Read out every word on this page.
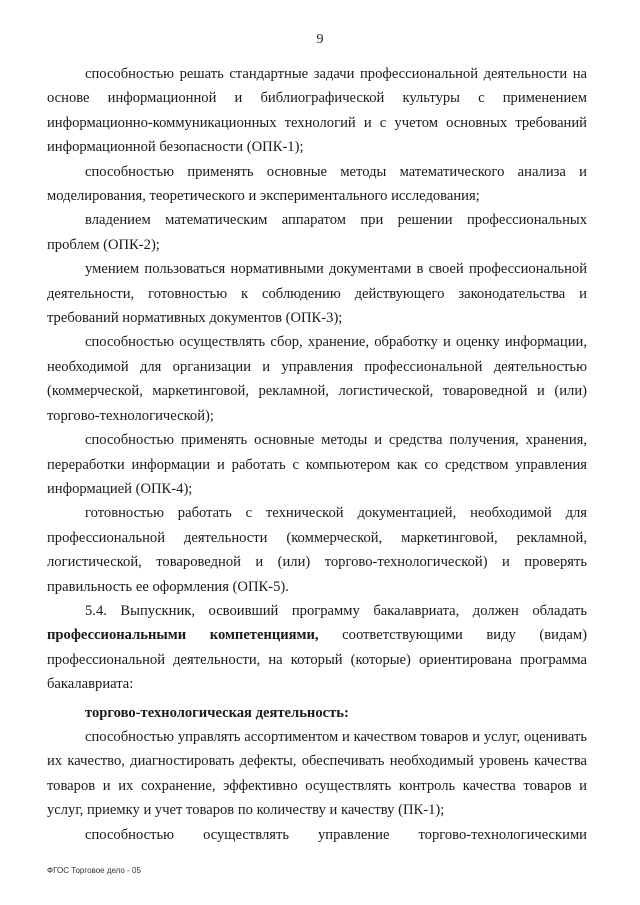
9

способностью решать стандартные задачи профессиональной деятельности на основе информационной и библиографической культуры с применением информационно-коммуникационных технологий и с учетом основных требований информационной безопасности (ОПК-1);

способностью применять основные методы математического анализа и моделирования, теоретического и экспериментального исследования;

владением математическим аппаратом при решении профессиональных проблем (ОПК-2);

умением пользоваться нормативными документами в своей профессиональной деятельности, готовностью к соблюдению действующего законодательства и требований нормативных документов (ОПК-3);

способностью осуществлять сбор, хранение, обработку и оценку информации, необходимой для организации и управления профессиональной деятельностью (коммерческой, маркетинговой, рекламной, логистической, товароведной и (или) торгово-технологической);

способностью применять основные методы и средства получения, хранения, переработки информации и работать с компьютером как со средством управления информацией (ОПК-4);

готовностью работать с технической документацией, необходимой для профессиональной деятельности (коммерческой, маркетинговой, рекламной, логистической, товароведной и (или) торгово-технологической) и проверять правильность ее оформления (ОПК-5).

5.4. Выпускник, освоивший программу бакалавриата, должен обладать профессиональными компетенциями, соответствующими виду (видам) профессиональной деятельности, на который (которые) ориентирована программа бакалавриата:

торгово-технологическая деятельность:

способностью управлять ассортиментом и качеством товаров и услуг, оценивать их качество, диагностировать дефекты, обеспечивать необходимый уровень качества товаров и их сохранение, эффективно осуществлять контроль качества товаров и услуг, приемку и учет товаров по количеству и качеству (ПК-1);

способностью осуществлять управление торгово-технологическими

ФГОС Торговое дело - 05
